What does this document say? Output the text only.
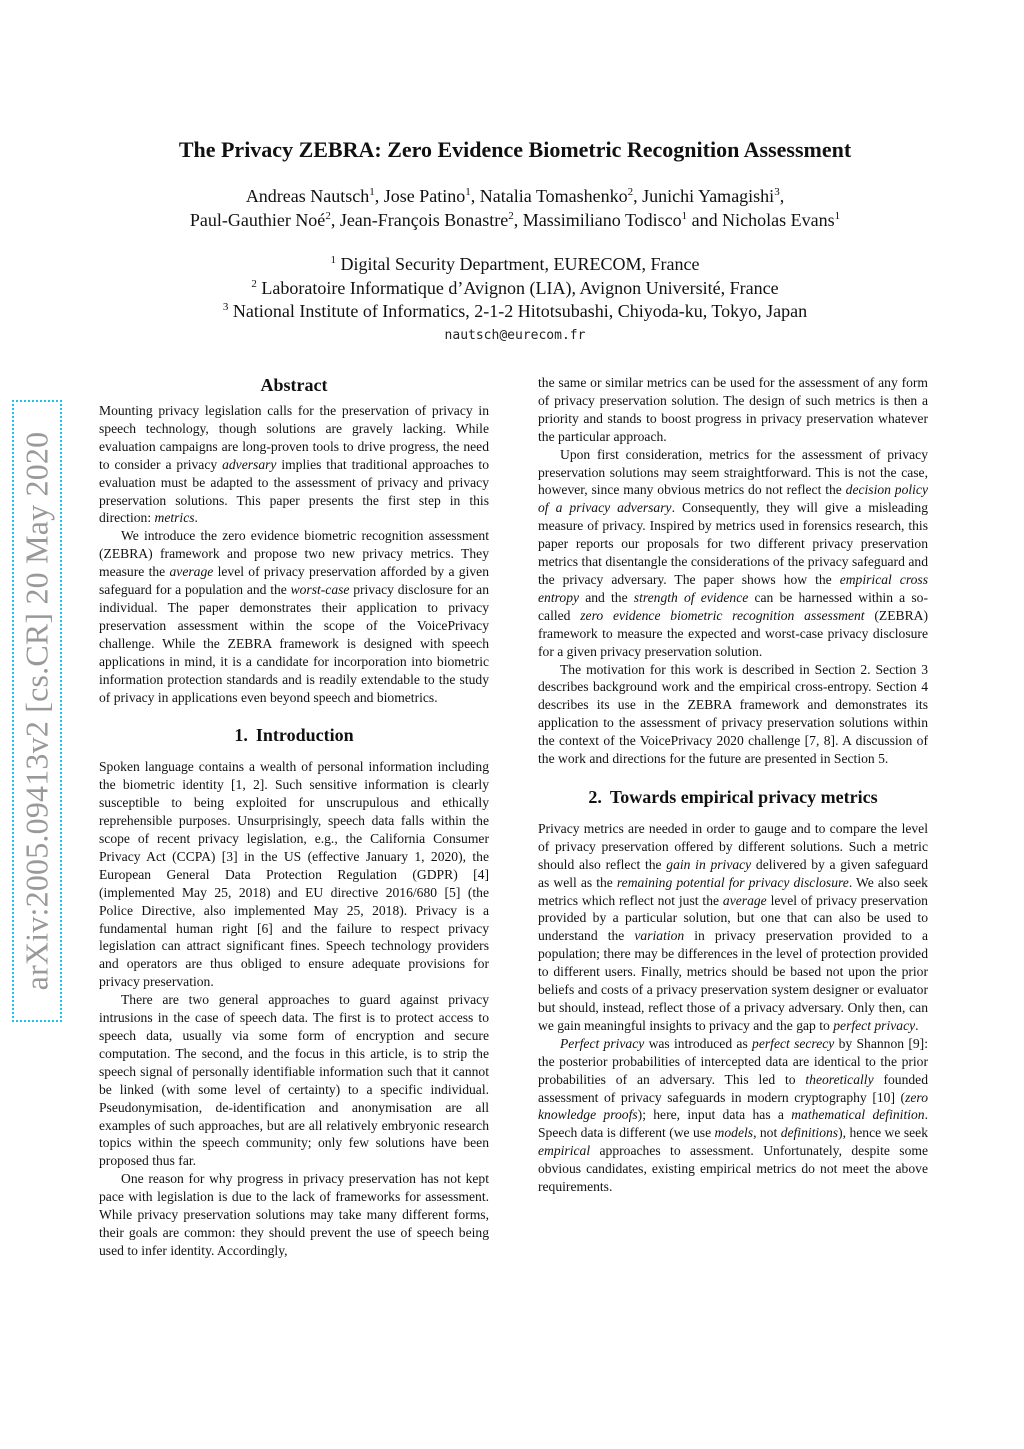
arXiv:2005.09413v2 [cs.CR] 20 May 2020
The Privacy ZEBRA: Zero Evidence Biometric Recognition Assessment
Andreas Nautsch$^1$, Jose Patino$^1$, Natalia Tomashenko$^2$, Junichi Yamagishi$^3$,
Paul-Gauthier Noé$^2$, Jean-François Bonastre$^2$, Massimiliano Todisco$^1$ and Nicholas Evans$^1$
$^1$ Digital Security Department, EURECOM, France
$^2$ Laboratoire Informatique d’Avignon (LIA), Avignon Université, France
$^3$ National Institute of Informatics, 2-1-2 Hitotsubashi, Chiyoda-ku, Tokyo, Japan
nautsch@eurecom.fr
Abstract

Mounting privacy legislation calls for the preservation of privacy in speech technology, though solutions are gravely lacking. While evaluation campaigns are long-proven tools to drive progress, the need to consider a privacy adversary implies that traditional approaches to evaluation must be adapted to the assessment of privacy and privacy preservation solutions. This paper presents the first step in this direction: metrics.

We introduce the zero evidence biometric recognition assessment (ZEBRA) framework and propose two new privacy metrics. They measure the average level of privacy preservation afforded by a given safeguard for a population and the worst-case privacy disclosure for an individual. The paper demonstrates their application to privacy preservation assessment within the scope of the VoicePrivacy challenge. While the ZEBRA framework is designed with speech applications in mind, it is a candidate for incorporation into biometric information protection standards and is readily extendable to the study of privacy in applications even beyond speech and biometrics.

1. Introduction

Spoken language contains a wealth of personal information including the biometric identity [1, 2]. Such sensitive information is clearly susceptible to being exploited for unscrupulous and ethically reprehensible purposes. Unsurprisingly, speech data falls within the scope of recent privacy legislation, e.g., the California Consumer Privacy Act (CCPA) [3] in the US (effective January 1, 2020), the European General Data Protection Regulation (GDPR) [4] (implemented May 25, 2018) and EU directive 2016/680 [5] (the Police Directive, also implemented May 25, 2018). Privacy is a fundamental human right [6] and the failure to respect privacy legislation can attract significant fines. Speech technology providers and operators are thus obliged to ensure adequate provisions for privacy preservation.

There are two general approaches to guard against privacy intrusions in the case of speech data. The first is to protect access to speech data, usually via some form of encryption and secure computation. The second, and the focus in this article, is to strip the speech signal of personally identifiable information such that it cannot be linked (with some level of certainty) to a specific individual. Pseudonymisation, de-identification and anonymisation are all examples of such approaches, but are all relatively embryonic research topics within the speech community; only few solutions have been proposed thus far.

One reason for why progress in privacy preservation has not kept pace with legislation is due to the lack of frameworks for assessment. While privacy preservation solutions may take many different forms, their goals are common: they should prevent the use of speech being used to infer identity. Accordingly,

the same or similar metrics can be used for the assessment of any form of privacy preservation solution. The design of such metrics is then a priority and stands to boost progress in privacy preservation whatever the particular approach.

Upon first consideration, metrics for the assessment of privacy preservation solutions may seem straightforward. This is not the case, however, since many obvious metrics do not reflect the decision policy of a privacy adversary. Consequently, they will give a misleading measure of privacy. Inspired by metrics used in forensics research, this paper reports our proposals for two different privacy preservation metrics that disentangle the considerations of the privacy safeguard and the privacy adversary. The paper shows how the empirical cross entropy and the strength of evidence can be harnessed within a so-called zero evidence biometric recognition assessment (ZEBRA) framework to measure the expected and worst-case privacy disclosure for a given privacy preservation solution.

The motivation for this work is described in Section 2. Section 3 describes background work and the empirical cross-entropy. Section 4 describes its use in the ZEBRA framework and demonstrates its application to the assessment of privacy preservation solutions within the context of the VoicePrivacy 2020 challenge [7, 8]. A discussion of the work and directions for the future are presented in Section 5.

2. Towards empirical privacy metrics

Privacy metrics are needed in order to gauge and to compare the level of privacy preservation offered by different solutions. Such a metric should also reflect the gain in privacy delivered by a given safeguard as well as the remaining potential for privacy disclosure. We also seek metrics which reflect not just the average level of privacy preservation provided by a particular solution, but one that can also be used to understand the variation in privacy preservation provided to a population; there may be differences in the level of protection provided to different users. Finally, metrics should be based not upon the prior beliefs and costs of a privacy preservation system designer or evaluator but should, instead, reflect those of a privacy adversary. Only then, can we gain meaningful insights to privacy and the gap to perfect privacy.

Perfect privacy was introduced as perfect secrecy by Shannon [9]: the posterior probabilities of intercepted data are identical to the prior probabilities of an adversary. This led to theoretically founded assessment of privacy safeguards in modern cryptography [10] (zero knowledge proofs); here, input data has a mathematical definition. Speech data is different (we use models, not definitions), hence we seek empirical approaches to assessment. Unfortunately, despite some obvious candidates, existing empirical metrics do not meet the above requirements.
